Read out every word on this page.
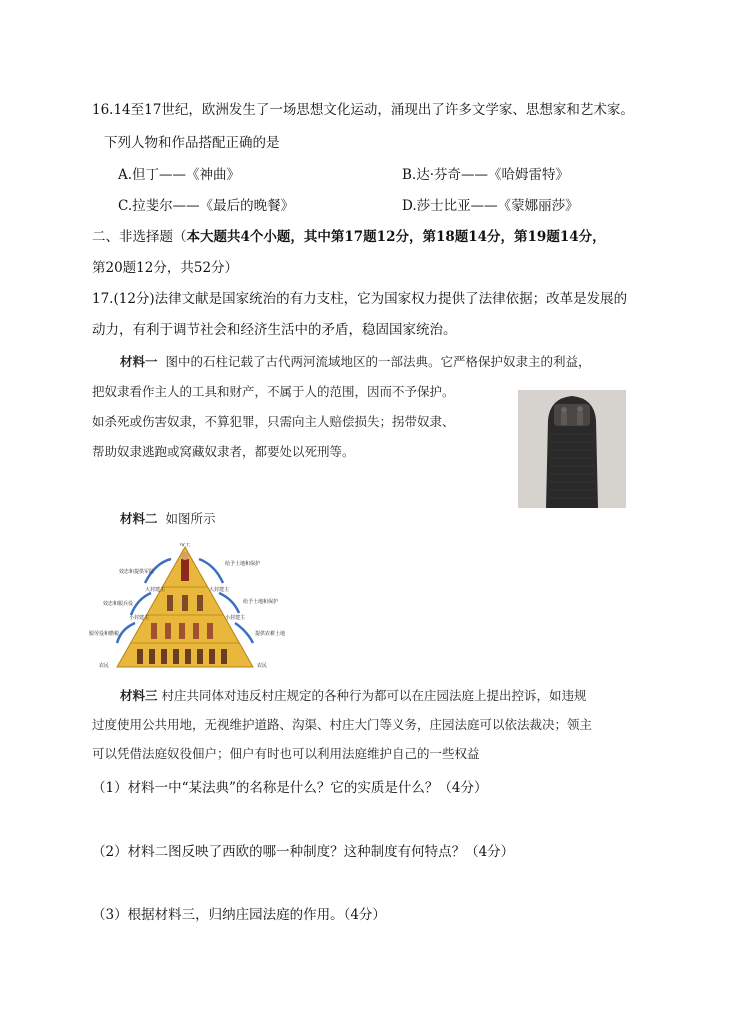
16.14至17世纪，欧洲发生了一场思想文化运动，涌现出了许多文学家、思想家和艺术家。
下列人物和作品搭配正确的是
A.但丁——《神曲》	B.达·芬奇——《哈姆雷特》
C.拉斐尔——《最后的晚餐》	D.莎士比亚——《蒙娜丽莎》
二、非选择题（本大题共4个小题，其中第17题12分，第18题14分，第19题14分，
第20题12分，共52分）
17.(12分)法律文献是国家统治的有力支柱，它为国家权力提供了法律依据；改革是发展的
动力，有利于调节社会和经济生活中的矛盾，稳固国家统治。
材料一 图中的石柱记载了古代两河流域地区的一部法典。它严格保护奴隶主的利益，
把奴隶看作主人的工具和财产，不属于人的范围，因而不予保护。
如杀死或伤害奴隶，不算犯罪，只需向主人赔偿损失；拐带奴隶、
帮助奴隶逃跑或窝藏奴隶者，都要处以死刑等。
材料二 如图所示
帝王
效忠和提供军队
效忠和服兵役
服劳役和缴税
给予土地和保护
给予土地和保护
提供农耕土地
大封建主	大封建主
小封建主	小封建主
农民	农民
材料三 村庄共同体对违反村庄规定的各种行为都可以在庄园法庭上提出控诉，如违规
过度使用公共用地，无视维护道路、沟渠、村庄大门等义务，庄园法庭可以依法裁决；领主
可以凭借法庭奴役佃户；佃户有时也可以利用法庭维护自己的一些权益
（1）材料一中“某法典”的名称是什么？它的实质是什么？（4分）
（2）材料二图反映了西欧的哪一种制度？这种制度有何特点？（4分）
（3）根据材料三，归纳庄园法庭的作用。（4分）
